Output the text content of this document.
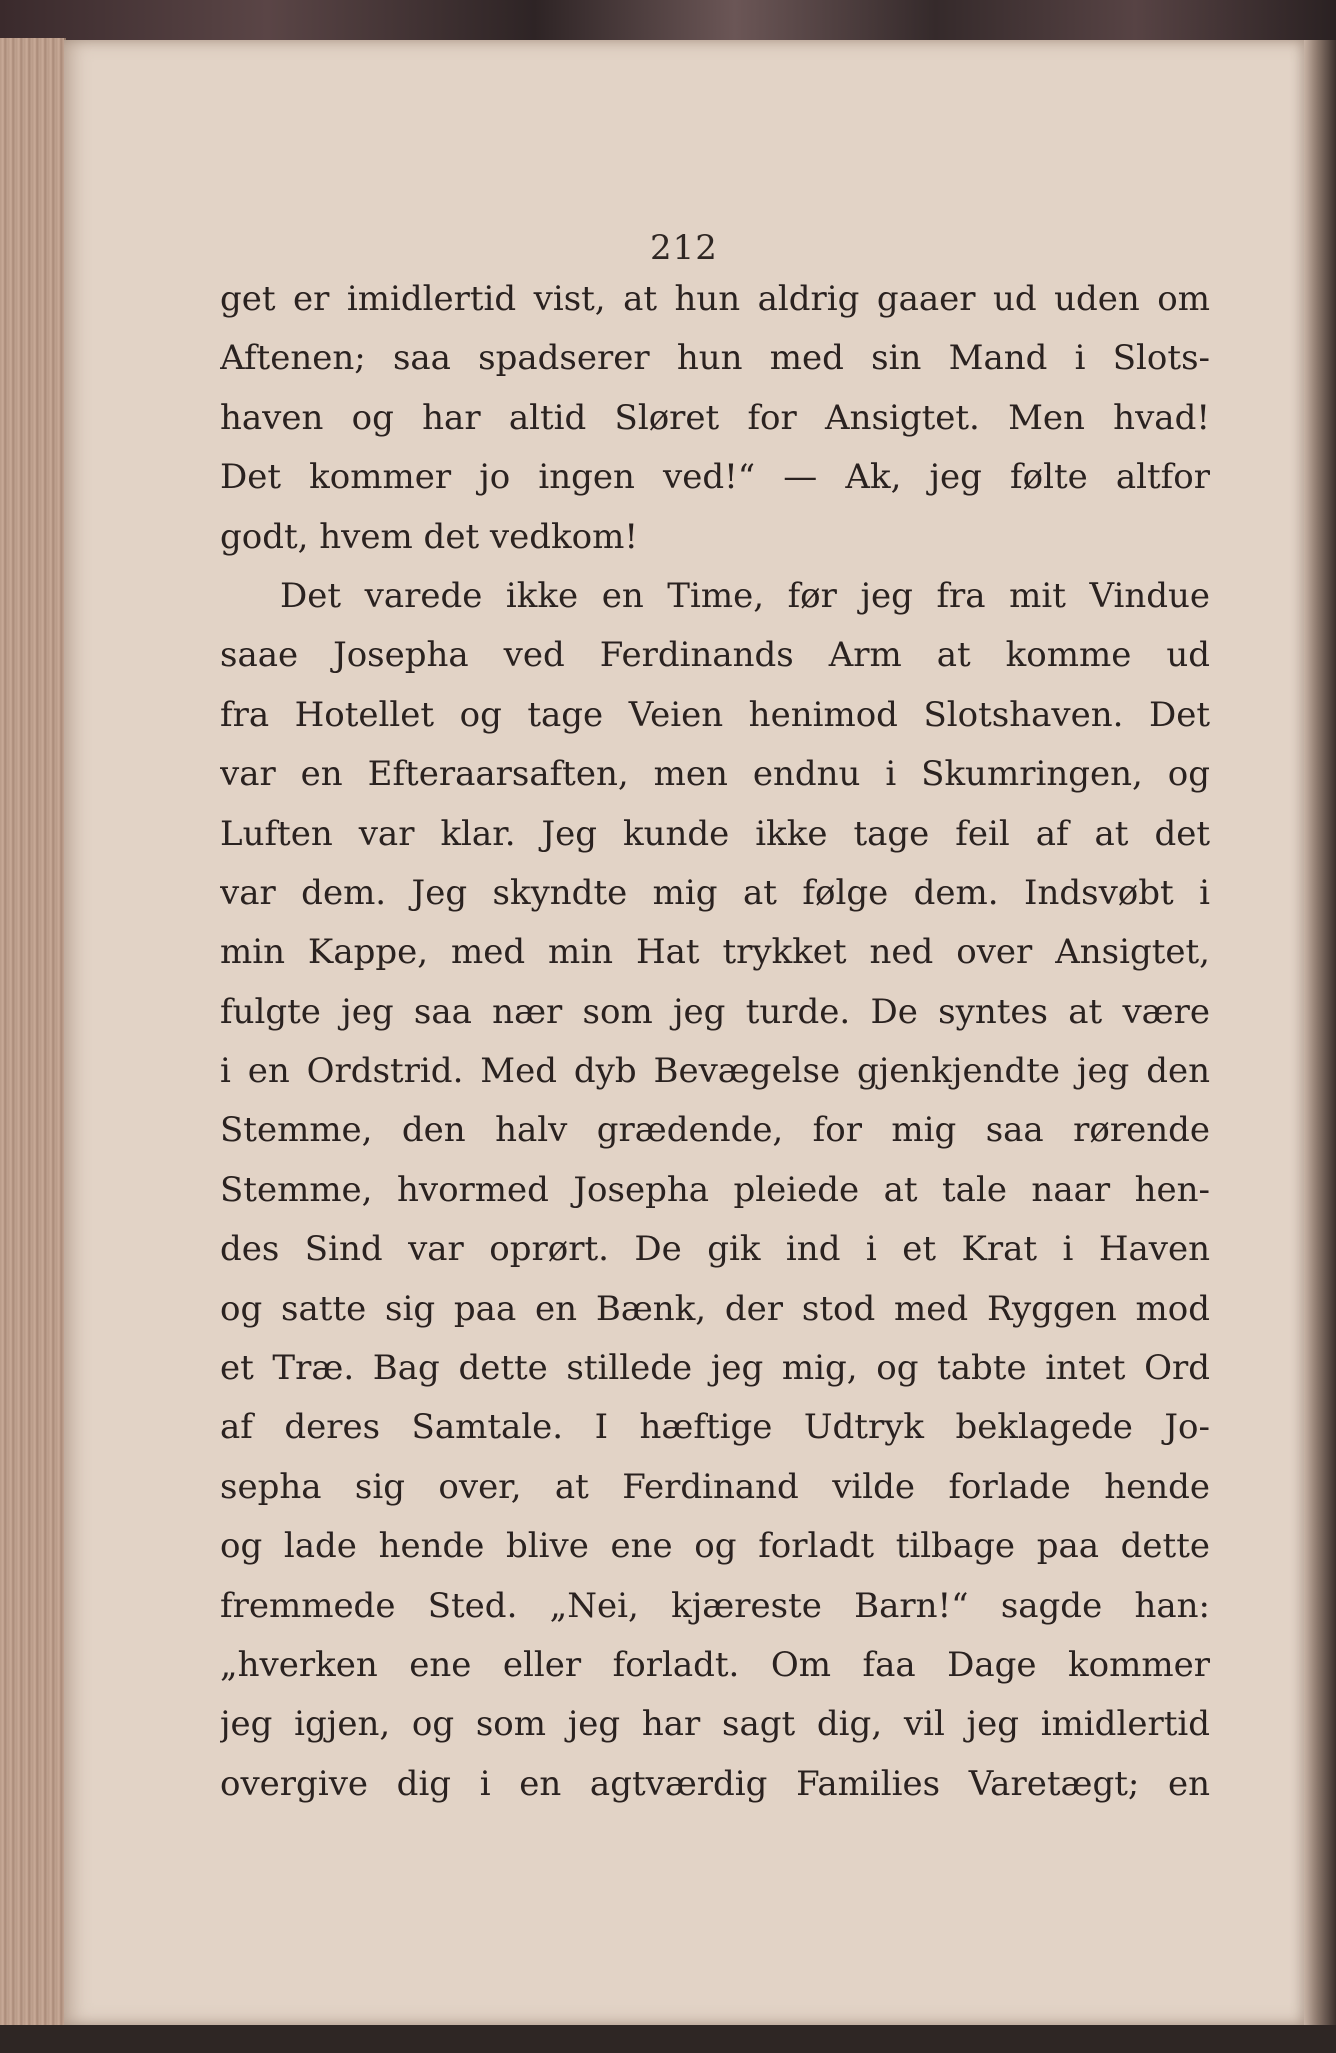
212
get er imidlertid vist, at hun aldrig gaaer ud uden om
Aftenen; saa spadserer hun med sin Mand i Slots-
haven og har altid Sløret for Ansigtet. Men hvad!
Det kommer jo ingen ved!“ — Ak, jeg følte altfor
godt, hvem det vedkom!
Det varede ikke en Time, før jeg fra mit Vindue
saae Josepha ved Ferdinands Arm at komme ud
fra Hotellet og tage Veien henimod Slotshaven. Det
var en Efteraarsaften, men endnu i Skumringen, og
Luften var klar. Jeg kunde ikke tage feil af at det
var dem. Jeg skyndte mig at følge dem. Indsvøbt i
min Kappe, med min Hat trykket ned over Ansigtet,
fulgte jeg saa nær som jeg turde. De syntes at være
i en Ordstrid. Med dyb Bevægelse gjenkjendte jeg den
Stemme, den halv grædende, for mig saa rørende
Stemme, hvormed Josepha pleiede at tale naar hen-
des Sind var oprørt. De gik ind i et Krat i Haven
og satte sig paa en Bænk, der stod med Ryggen mod
et Træ. Bag dette stillede jeg mig, og tabte intet Ord
af deres Samtale. I hæftige Udtryk beklagede Jo-
sepha sig over, at Ferdinand vilde forlade hende
og lade hende blive ene og forladt tilbage paa dette
fremmede Sted. „Nei, kjæreste Barn!“ sagde han:
„hverken ene eller forladt. Om faa Dage kommer
jeg igjen, og som jeg har sagt dig, vil jeg imidlertid
overgive dig i en agtværdig Families Varetægt; en
